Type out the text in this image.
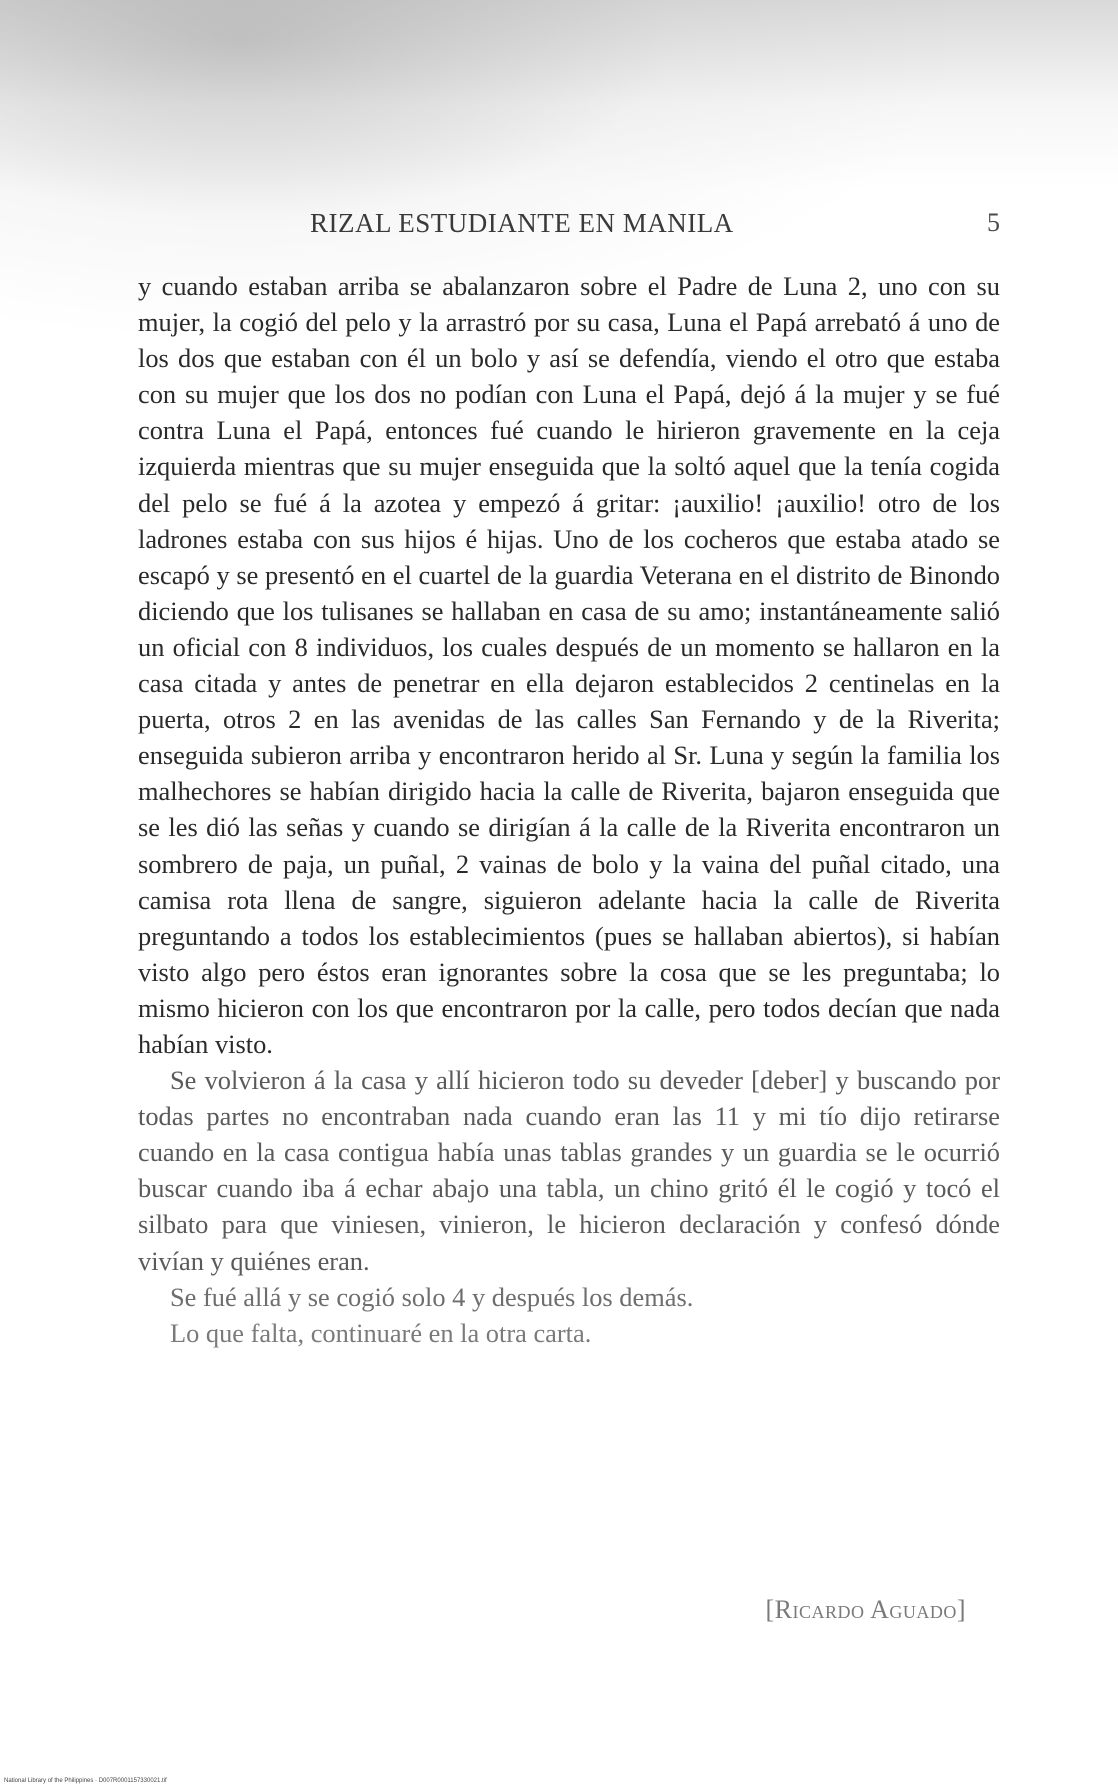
RIZAL ESTUDIANTE EN MANILA	5

y cuando estaban arriba se abalanzaron sobre el Padre de Luna 2, uno con su mujer, la cogió del pelo y la arrastró por su casa, Luna el Papá arrebató á uno de los dos que estaban con él un bolo y así se defendía, viendo el otro que estaba con su mujer que los dos no podían con Luna el Papá, dejó á la mujer y se fué contra Luna el Papá, entonces fué cuando le hirieron gravemente en la ceja izquierda mientras que su mujer enseguida que la soltó aquel que la tenía cogida del pelo se fué á la azotea y empezó á gritar: ¡auxilio! ¡auxilio! otro de los ladrones estaba con sus hijos é hijas. Uno de los cocheros que estaba atado se escapó y se presentó en el cuartel de la guardia Veterana en el distrito de Binondo diciendo que los tulisanes se hallaban en casa de su amo; instantáneamente salió un oficial con 8 individuos, los cuales después de un momento se hallaron en la casa citada y antes de penetrar en ella dejaron establecidos 2 centinelas en la puerta, otros 2 en las avenidas de las calles San Fernando y de la Riverita; enseguida subieron arriba y encontraron herido al Sr. Luna y según la familia los malhechores se habían dirigido hacia la calle de Riverita, bajaron enseguida que se les dió las señas y cuando se dirigían á la calle de la Riverita encontraron un sombrero de paja, un puñal, 2 vainas de bolo y la vaina del puñal citado, una camisa rota llena de sangre, siguieron adelante hacia la calle de Riverita preguntando a todos los establecimientos (pues se hallaban abiertos), si habían visto algo pero éstos eran ignorantes sobre la cosa que se les preguntaba; lo mismo hicieron con los que encontraron por la calle, pero todos decían que nada habían visto.

Se volvieron á la casa y allí hicieron todo su deveder [deber] y buscando por todas partes no encontraban nada cuando eran las 11 y mi tío dijo retirarse cuando en la casa contigua había unas tablas grandes y un guardia se le ocurrió buscar cuando iba á echar abajo una tabla, un chino gritó él le cogió y tocó el silbato para que viniesen, vinieron, le hicieron declaración y confesó dónde vivían y quiénes eran.

Se fué allá y se cogió solo 4 y después los demás.

Lo que falta, continuaré en la otra carta.

[Ricardo Aguado]
National Library of the Philippines · D007R0001157330021.tif
